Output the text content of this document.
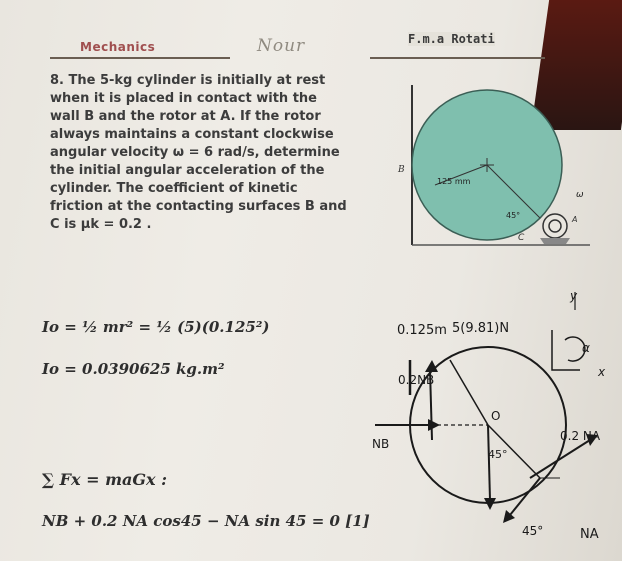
Mechanics	Nour	F.m.a Rotati
8. The 5-kg cylinder is initially at rest
when it is placed in contact with the
wall B and the rotor at A. If the rotor
always maintains a constant clockwise
angular velocity ω = 6 rad/s, determine
the initial angular acceleration of the
cylinder. The coefficient of kinetic
friction at the contacting surfaces B and
C is μk = 0.2 .
B
125 mm
45°
ω
C
A
Io = ½ mr² = ½ (5)(0.125²)
Io = 0.0390625 kg.m²
∑ Fx = maGx :
NB + 0.2 NA cos45 − NA sin 45 = 0 [1]
0.125m 5(9.81)N
0.2NB
NB
O
45°
0.2 NA
45°	NA
y
x
α
